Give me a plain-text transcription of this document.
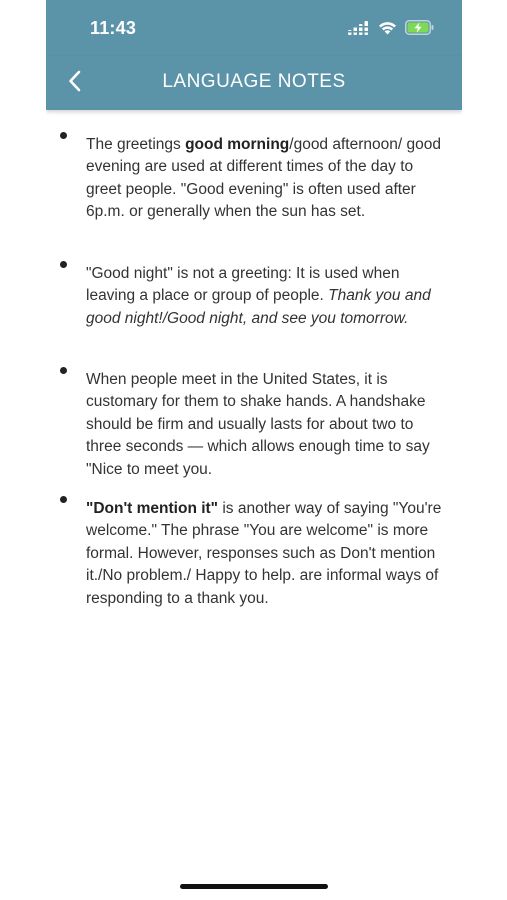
11:43
LANGUAGE NOTES
The greetings good morning/good afternoon/ good evening are used at different times of the day to greet people. "Good evening" is often used after 6p.m. or generally when the sun has set.
"Good night" is not a greeting: It is used when leaving a place or group of people. Thank you and good night!/Good night, and see you tomorrow.
When people meet in the United States, it is customary for them to shake hands. A handshake should be firm and usually lasts for about two to three seconds — which allows enough time to say "Nice to meet you.
"Don't mention it" is another way of saying "You're welcome." The phrase "You are welcome" is more formal. However, responses such as Don't mention it./No problem./ Happy to help. are informal ways of responding to a thank you.
